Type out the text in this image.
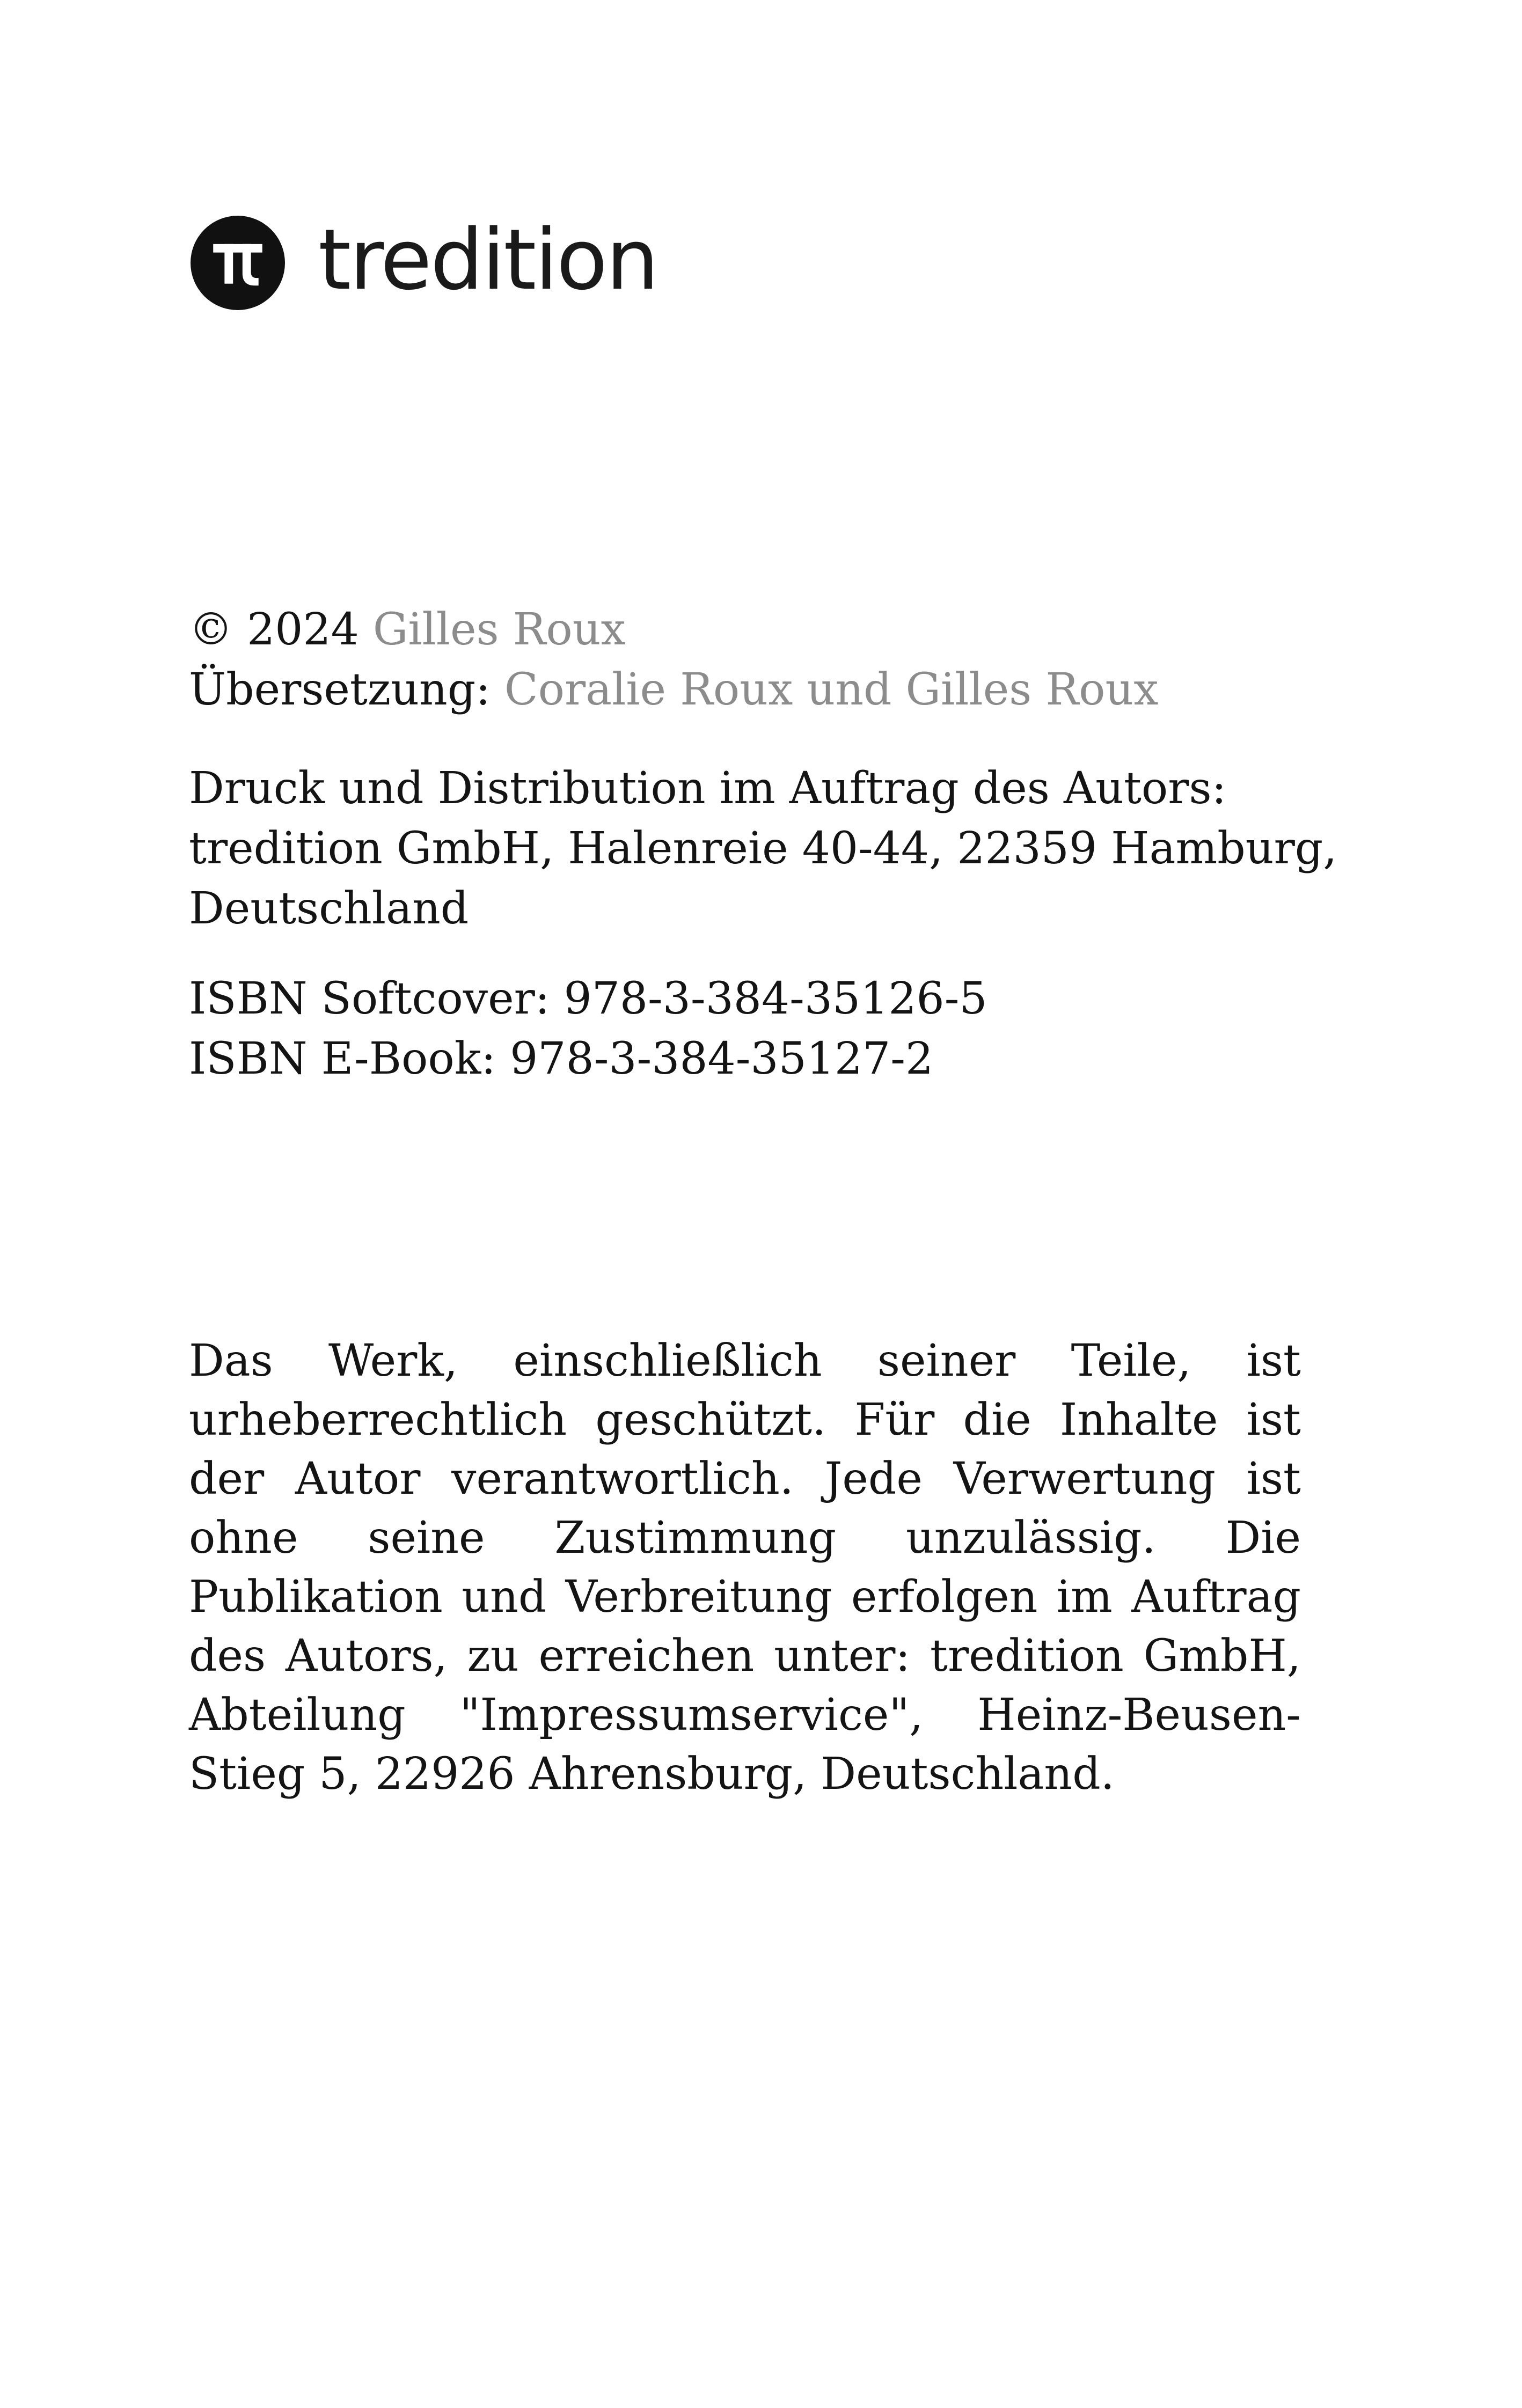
tredition
© 2024 Gilles Roux
Übersetzung: Coralie Roux und Gilles Roux
Druck und Distribution im Auftrag des Autors:
tredition GmbH, Halenreie 40-44, 22359 Hamburg,
Deutschland
ISBN Softcover: 978-3-384-35126-5
ISBN E-Book: 978-3-384-35127-2

Das Werk, einschließlich seiner Teile, ist urheberrechtlich geschützt. Für die Inhalte ist der Autor verantwortlich. Jede Verwertung ist ohne seine Zustimmung unzulässig. Die Publikation und Verbreitung erfolgen im Auftrag des Autors, zu erreichen unter: tredition GmbH, Abteilung "Impressumservice", Heinz-Beusen-Stieg 5, 22926 Ahrensburg, Deutschland.
